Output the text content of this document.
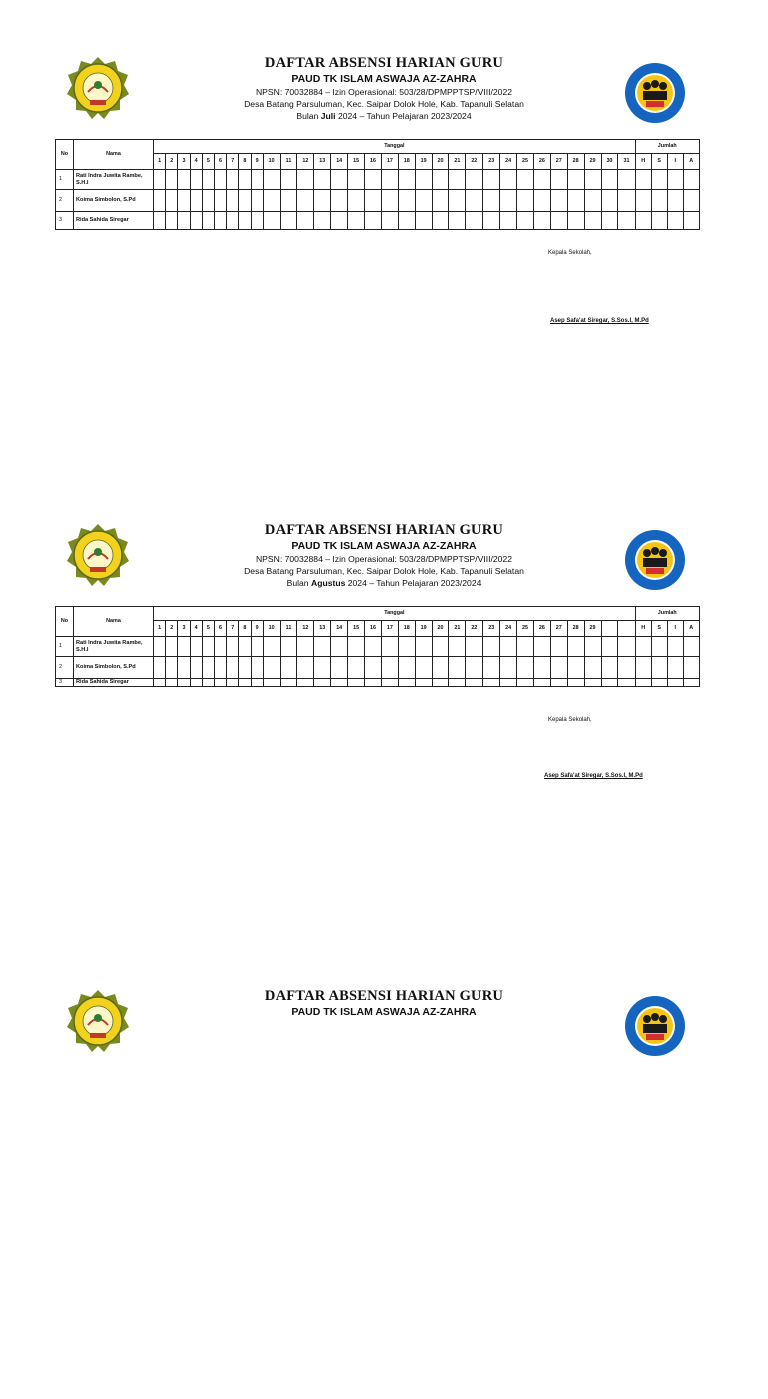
DAFTAR ABSENSI HARIAN GURU
PAUD TK ISLAM ASWAJA AZ-ZAHRA
NPSN: 70032884 – Izin Operasional: 503/28/DPMPPTSP/VIII/2022
Desa Batang Parsuluman, Kec. Saipar Dolok Hole, Kab. Tapanuli Selatan
Bulan Juli 2024 – Tahun Pelajaran 2023/2024
No	Nama	Tanggal																															Jumlah			
		1	2	3	4	5	6	7	8	9	10	11	12	13	14	15	16	17	18	19	20	21	22	23	24	25	26	27	28	29	30	31	H	S	I	A
1	Rati Indra Juwita Rambe, S.H.I																																			
2	Koima Simbolon, S.Pd																																			
3	Rida Sahida Siregar																																			
Kepala Sekolah,
Asep Safa'at Siregar, S.Sos.I, M.Pd
DAFTAR ABSENSI HARIAN GURU
PAUD TK ISLAM ASWAJA AZ-ZAHRA
NPSN: 70032884 – Izin Operasional: 503/28/DPMPPTSP/VIII/2022
Desa Batang Parsuluman, Kec. Saipar Dolok Hole, Kab. Tapanuli Selatan
Bulan Agustus 2024 – Tahun Pelajaran 2023/2024
No	Nama	Tanggal																															Jumlah			
		1	2	3	4	5	6	7	8	9	10	11	12	13	14	15	16	17	18	19	20	21	22	23	24	25	26	27	28	29			H	S	I	A
1	Rati Indra Juwita Rambe, S.H.I																																			
2	Koima Simbolon, S.Pd																																			
3	Rida Sahida Siregar																																			
Kepala Sekolah,
Asep Safa'at Siregar, S.Sos.I, M.Pd
DAFTAR ABSENSI HARIAN GURU
PAUD TK ISLAM ASWAJA AZ-ZAHRA
